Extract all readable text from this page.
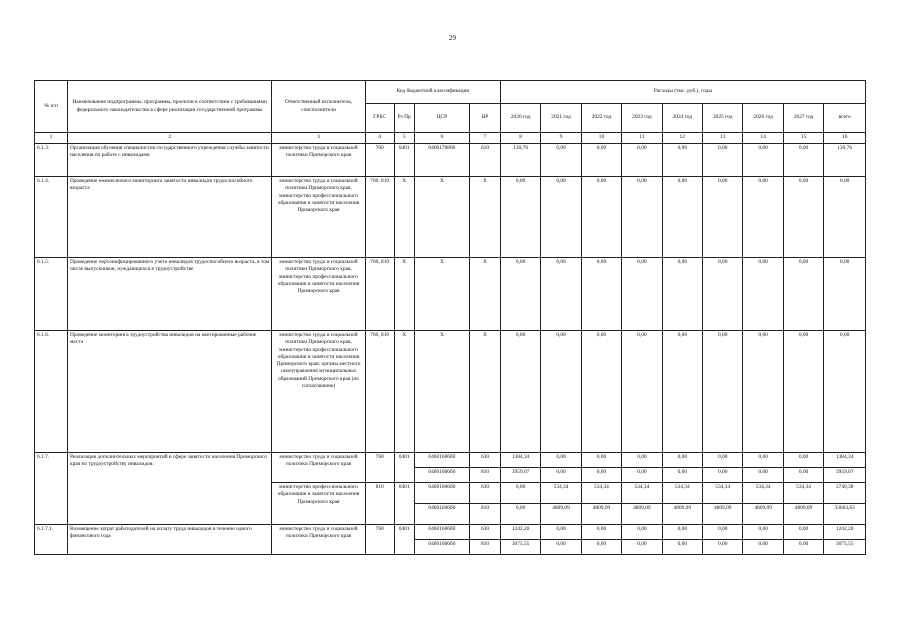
29
№ п/п	Наименование подпрограммы, программы, проектов в соответствии с требованиями федерального законодательства в сфере реализации государственной программы	Ответственный исполнитель, соисполнители	Код бюджетной классификации				Расходы (тыс. руб.), годы								
			ГРБС	Рз Пр	ЦСР	ВР	2020 год	2021 год	2022 год	2023 год	2024 год	2025 год	2026 год	2027 год	всего
1	2	3	4	5	6	7	8	9	10	11	12	13	14	15	16
6.1.3.	Организация обучения специалистов государственного учреждения службы занятости населения по работе с инвалидами	министерство труда и социальной политики Приморского края	760	0401	0460170860	610	130,76	0,00	0,00	0,00	0,00	0,00	0,00	0,00	130,76
6.1.4.	Проведение ежемесячного мониторинга занятости инвалидов трудоспособного возраста	министерство труда и социальной политики Приморского края, министерство профессионального образования и занятости населения Приморского края	760, 810	Х	Х	Х	0,00	0,00	0,00	0,00	0,00	0,00	0,00	0,00	0,00
6.1.5.	Проведение персонифицированного учета инвалидов трудоспособного возраста, в том числе выпускников, нуждающихся в трудоустройстве	министерство труда и социальной политики Приморского края, министерство профессионального образования и занятости населения Приморского края	760, 810	Х	Х	Х	0,00	0,00	0,00	0,00	0,00	0,00	0,00	0,00	0,00
6.1.6.	Проведение мониторинга трудоустройства инвалидов на квотированные рабочие места	министерство труда и социальной политики Приморского края, министерство профессионального образования и занятости населения Приморского края; органы местного самоуправления муниципальных образований Приморского края (по согласованию)	760, 810	Х	Х	Х	0,00	0,00	0,00	0,00	0,00	0,00	0,00	0,00	0,00
6.1.7.	Реализация дополнительных мероприятий в сфере занятости населения Приморского края по трудоустройству инвалидов:	министерство труда и социальной политики Приморского края	760	0401	04601606б0	630	1384,34	0,00	0,00	0,00	0,00	0,00	0,00	0,00	1384,34
					04601606б0	810	3959,07	0,00	0,00	0,00	0,00	0,00	0,00	0,00	3959,07
		министерство профессионального образования и занятости населения Приморского края	810	0401	04601606б0	630	0,00	534,34	534,34	534,34	534,34	534,34	534,34	534,34	3740,38
					04601606б0	810	0,00	4809,09	4809,09	4809,09	4809,09	4809,09	4809,09	4809,09	33663,63
6.1.7.1.	Возмещение затрат работодателей на оплату труда инвалидов в течение одного финансового года	министерство труда и социальной политики Приморского края	760	0401	04601606б0	630	1242,20	0,00	0,00	0,00	0,00	0,00	0,00	0,00	1242,20
					04601606б0	810	3075,55	0,00	0,00	0,00	0,00	0,00	0,00	0,00	3075,55
